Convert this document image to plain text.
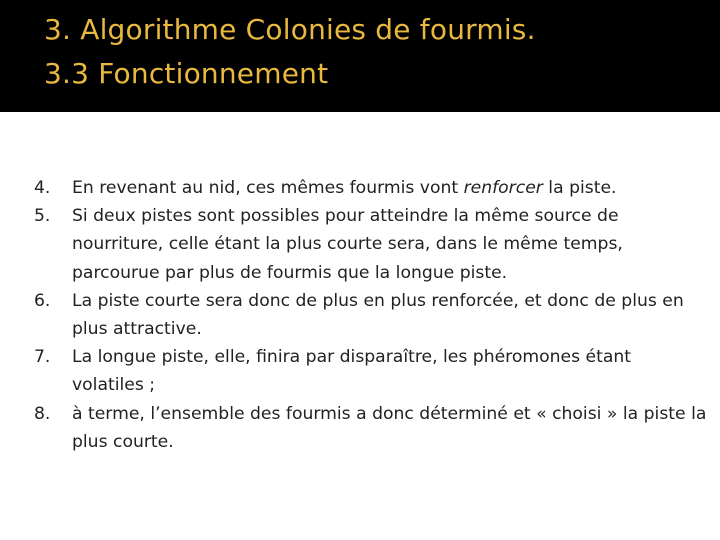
3. Algorithme Colonies de fourmis.
3.3 Fonctionnement
4. En revenant au nid, ces mêmes fourmis vont renforcer la piste.
5. Si deux pistes sont possibles pour atteindre la même source de nourriture, celle étant la plus courte sera, dans le même temps, parcourue par plus de fourmis que la longue piste.
6. La piste courte sera donc de plus en plus renforcée, et donc de plus en plus attractive.
7. La longue piste, elle, finira par disparaître, les phéromones étant volatiles ;
8. à terme, l’ensemble des fourmis a donc déterminé et « choisi » la piste la plus courte.
